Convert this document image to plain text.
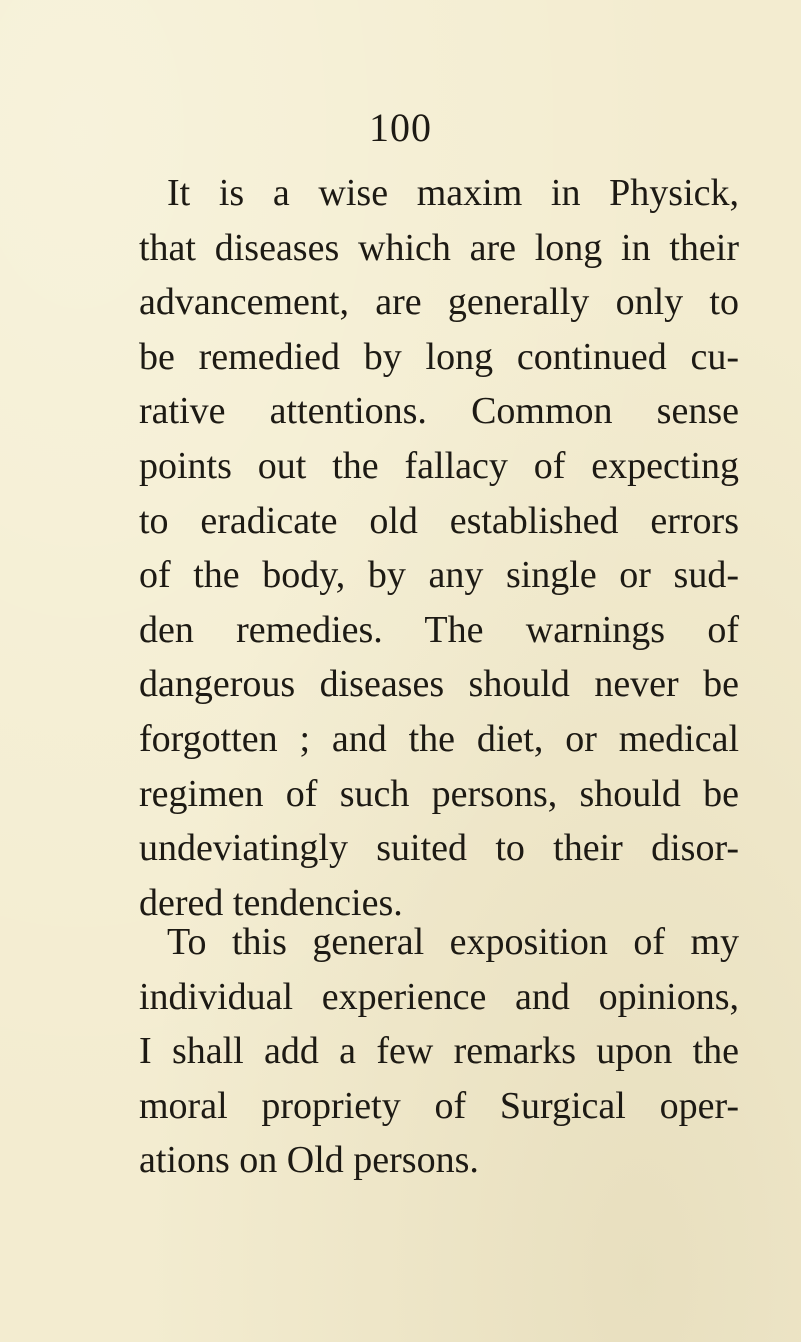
100
It is a wise maxim in Physick,
that diseases which are long in their
advancement, are generally only to
be remedied by long continued cu-
rative attentions. Common sense
points out the fallacy of expecting
to eradicate old established errors
of the body, by any single or sud-
den remedies. The warnings of
dangerous diseases should never be
forgotten ; and the diet, or medical
regimen of such persons, should be
undeviatingly suited to their disor-
dered tendencies.
To this general exposition of my
individual experience and opinions,
I shall add a few remarks upon the
moral propriety of Surgical oper-
ations on Old persons.
